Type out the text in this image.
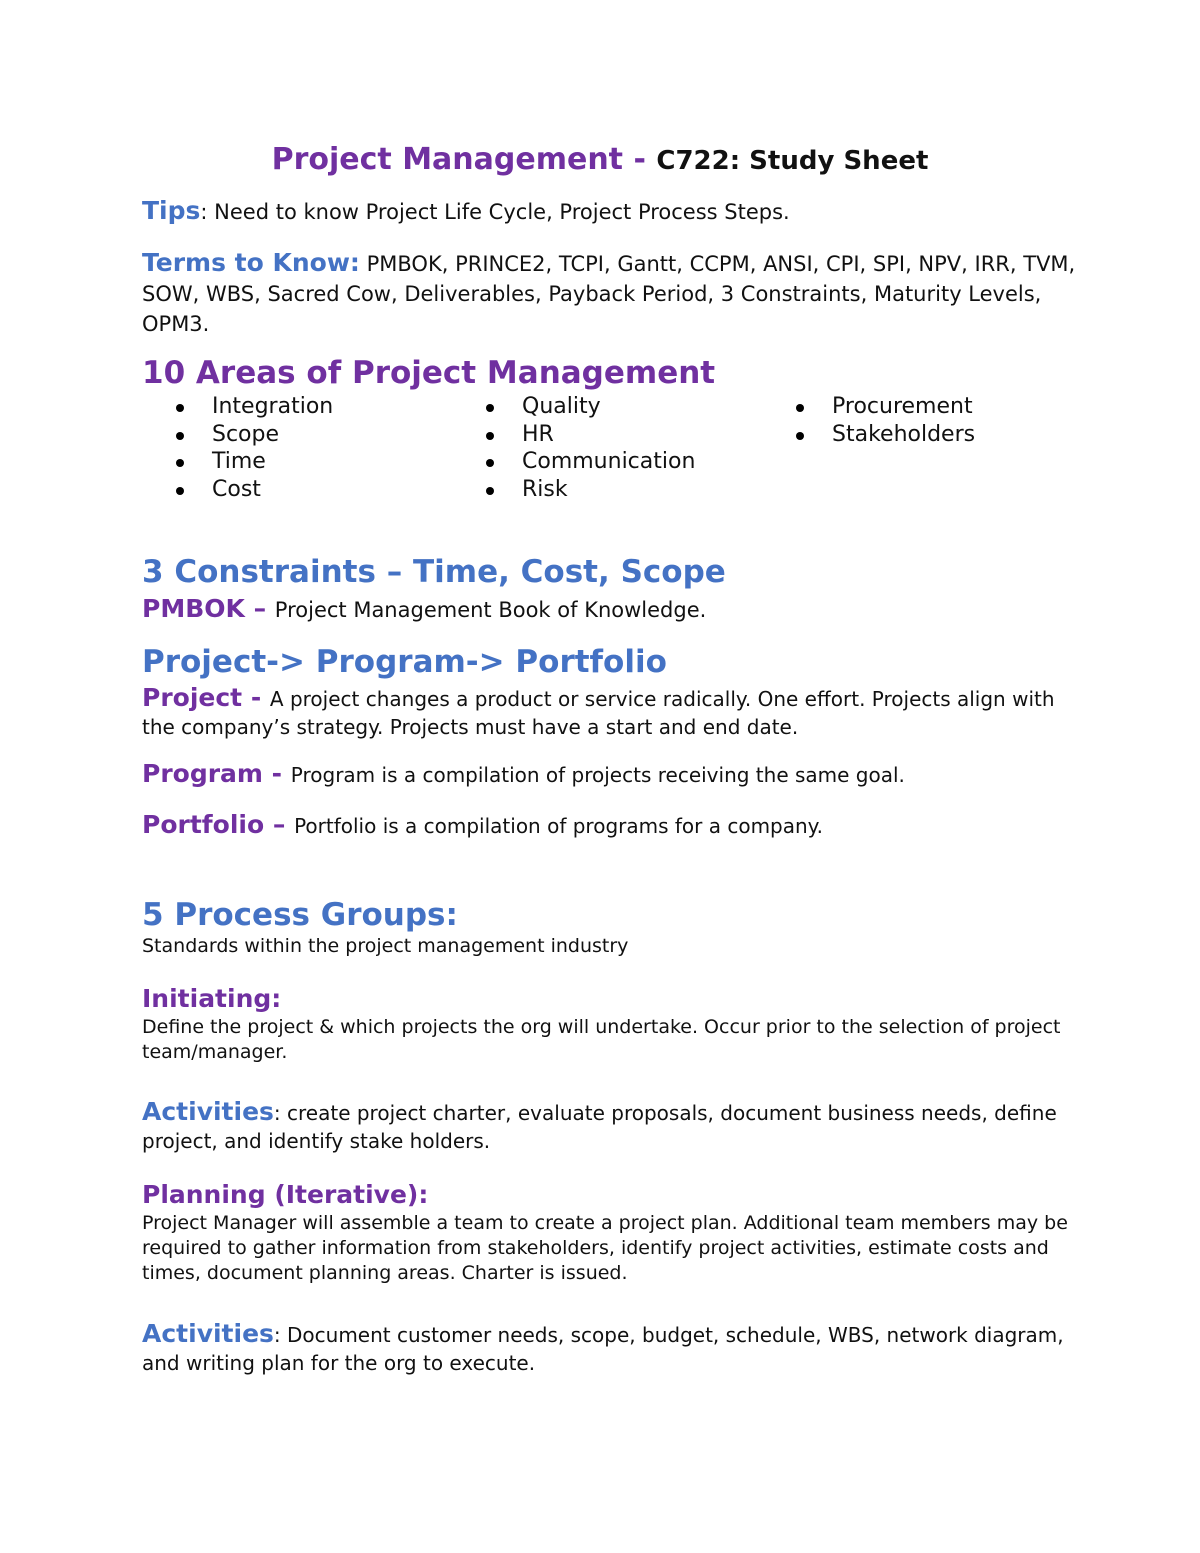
Project Management - C722: Study Sheet

Tips: Need to know Project Life Cycle, Project Process Steps.

Terms to Know: PMBOK, PRINCE2, TCPI, Gantt, CCPM, ANSI, CPI, SPI, NPV, IRR, TVM, SOW, WBS, Sacred Cow, Deliverables, Payback Period, 3 Constraints, Maturity Levels, OPM3.

10 Areas of Project Management
Integration
Scope
Time
Cost
Quality
HR
Communication
Risk
Procurement
Stakeholders
3 Constraints – Time, Cost, Scope

PMBOK – Project Management Book of Knowledge.

Project-> Program-> Portfolio

Project - A project changes a product or service radically. One effort. Projects align with the company’s strategy. Projects must have a start and end date.

Program - Program is a compilation of projects receiving the same goal.

Portfolio – Portfolio is a compilation of programs for a company.

5 Process Groups:

Standards within the project management industry

Initiating:

Define the project & which projects the org will undertake. Occur prior to the selection of project team/manager.

Activities: create project charter, evaluate proposals, document business needs, define project, and identify stake holders.

Planning (Iterative):

Project Manager will assemble a team to create a project plan. Additional team members may be required to gather information from stakeholders, identify project activities, estimate costs and times, document planning areas. Charter is issued.

Activities: Document customer needs, scope, budget, schedule, WBS, network diagram, and writing plan for the org to execute.
